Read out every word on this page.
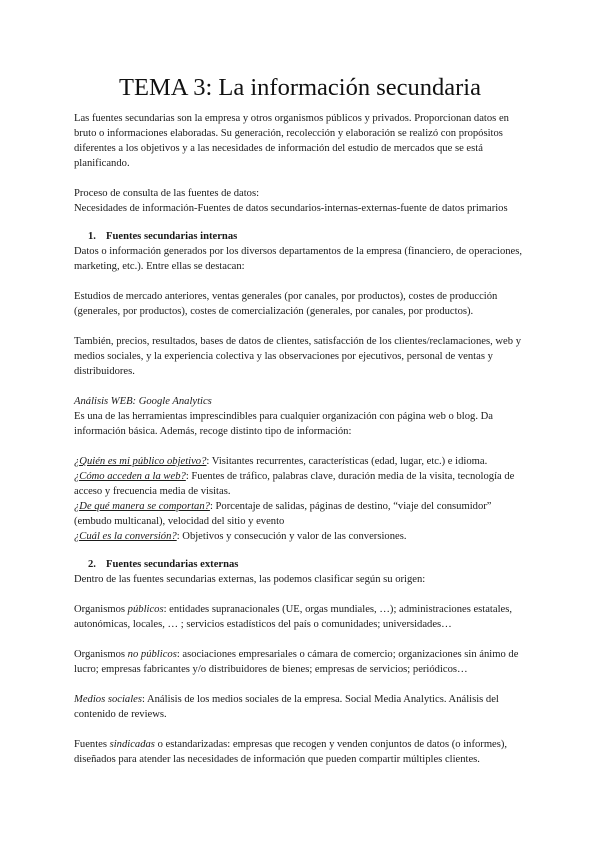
TEMA 3: La información secundaria

Las fuentes secundarias son la empresa y otros organismos públicos y privados. Proporcionan datos en bruto o informaciones elaboradas. Su generación, recolección y elaboración se realizó con propósitos diferentes a los objetivos y a las necesidades de información del estudio de mercados que se está planificando.

Proceso de consulta de las fuentes de datos:

Necesidades de información-Fuentes de datos secundarios-internas-externas-fuente de datos primarios

1. Fuentes secundarias internas

Datos o información generados por los diversos departamentos de la empresa (financiero, de operaciones, marketing, etc.). Entre ellas se destacan:

Estudios de mercado anteriores, ventas generales (por canales, por productos), costes de producción (generales, por productos), costes de comercialización (generales, por canales, por productos).

También, precios, resultados, bases de datos de clientes, satisfacción de los clientes/reclamaciones, web y medios sociales, y la experiencia colectiva y las observaciones por ejecutivos, personal de ventas y distribuidores.

Análisis WEB: Google Analytics

Es una de las herramientas imprescindibles para cualquier organización con página web o blog. Da información básica. Además, recoge distinto tipo de información:

¿Quién es mi público objetivo?: Visitantes recurrentes, características (edad, lugar, etc.) e idioma.

¿Cómo acceden a la web?: Fuentes de tráfico, palabras clave, duración media de la visita, tecnología de acceso y frecuencia media de visitas.

¿De qué manera se comportan?: Porcentaje de salidas, páginas de destino, “viaje del consumidor” (embudo multicanal), velocidad del sitio y evento

¿Cuál es la conversión?: Objetivos y consecución y valor de las conversiones.

2. Fuentes secundarias externas

Dentro de las fuentes secundarias externas, las podemos clasificar según su origen:

Organismos públicos: entidades supranacionales (UE, orgas mundiales, …); administraciones estatales, autonómicas, locales, … ; servicios estadísticos del país o comunidades; universidades…

Organismos no públicos: asociaciones empresariales o cámara de comercio; organizaciones sin ánimo de lucro; empresas fabricantes y/o distribuidores de bienes; empresas de servicios; periódicos…

Medios sociales: Análisis de los medios sociales de la empresa. Social Media Analytics. Análisis del contenido de reviews.

Fuentes sindicadas o estandarizadas: empresas que recogen y venden conjuntos de datos (o informes), diseñados para atender las necesidades de información que pueden compartir múltiples clientes.
